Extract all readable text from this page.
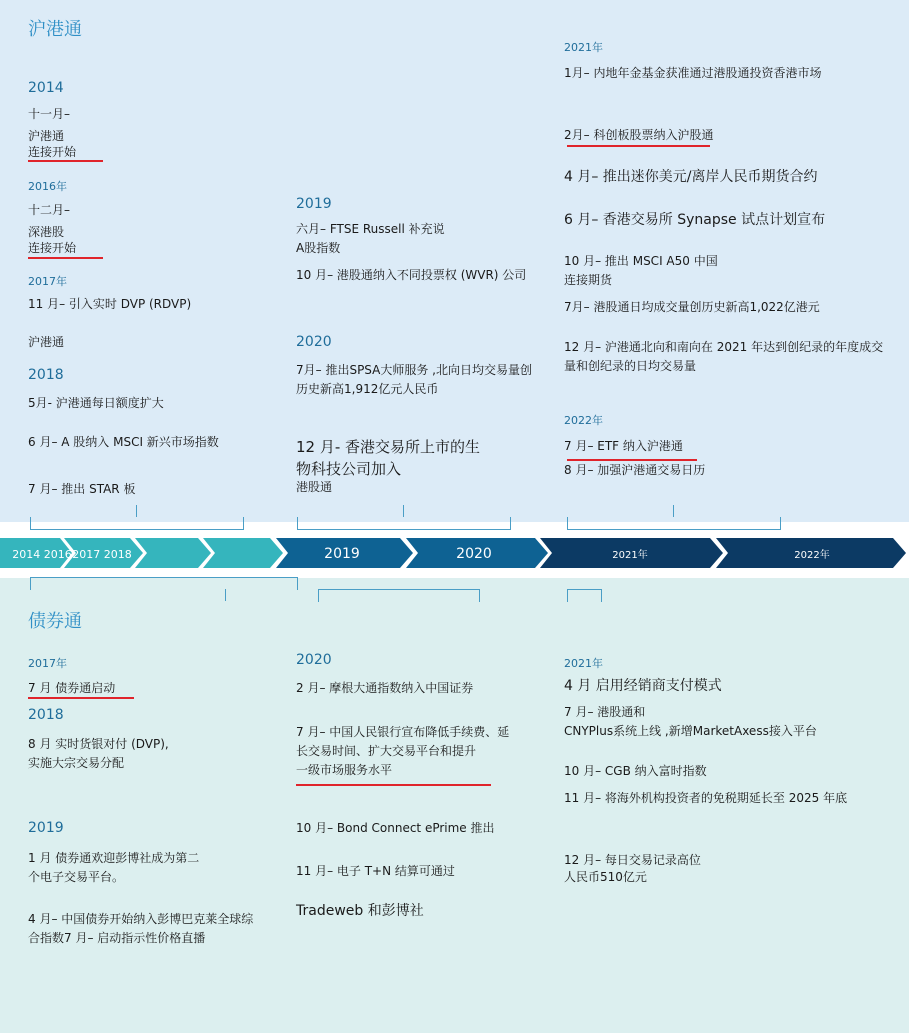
沪港通
2014
十一月–
沪港通
连接开始
2016年
十二月–
深港股
连接开始
2017年
11 月– 引入实时 DVP (RDVP)
沪港通
2018
5月- 沪港通每日额度扩大
6 月– A 股纳入 MSCI 新兴市场指数
7 月– 推出 STAR 板
2019
六月– FTSE Russell 补充说
A股指数
10 月– 港股通纳入不同投票权 (WVR) 公司
2020
7月– 推出SPSA大师服务 ,北向日均交易量创
历史新高1,912亿元人民币
12 月- 香港交易所上市的生
物科技公司加入
港股通
2021年
1月– 内地年金基金获准通过港股通投资香港市场
2月– 科创板股票纳入沪股通
4 月– 推出迷你美元/离岸人民币期货合约
6 月– 香港交易所 Synapse 试点计划宣布
10 月– 推出 MSCI A50 中国
连接期货
7月– 港股通日均成交量创历史新高1,022亿港元
12 月– 沪港通北向和南向在 2021 年达到创纪录的年度成交
量和创纪录的日均交易量
2022年
7 月– ETF 纳入沪港通
8 月– 加强沪港通交易日历
2014 2016 2017 2018	2019	2020	2021年	2022年
债券通
2017年
7 月 债券通启动
2018
8 月 实时货银对付 (DVP),
实施大宗交易分配
2019
1 月 债券通欢迎彭博社成为第二
个电子交易平台。
4 月– 中国债券开始纳入彭博巴克莱全球综
合指数7 月– 启动指示性价格直播
2020
2 月– 摩根大通指数纳入中国证券
7 月– 中国人民银行宣布降低手续费、延
长交易时间、扩大交易平台和提升
一级市场服务水平
10 月– Bond Connect ePrime 推出
11 月– 电子 T+N 结算可通过
Tradeweb 和彭博社
2021年
4 月 启用经销商支付模式
7 月– 港股通和
CNYPlus系统上线 ,新增MarketAxess接入平台
10 月– CGB 纳入富时指数
11 月– 将海外机构投资者的免税期延长至 2025 年底
12 月– 每日交易记录高位
人民币510亿元
